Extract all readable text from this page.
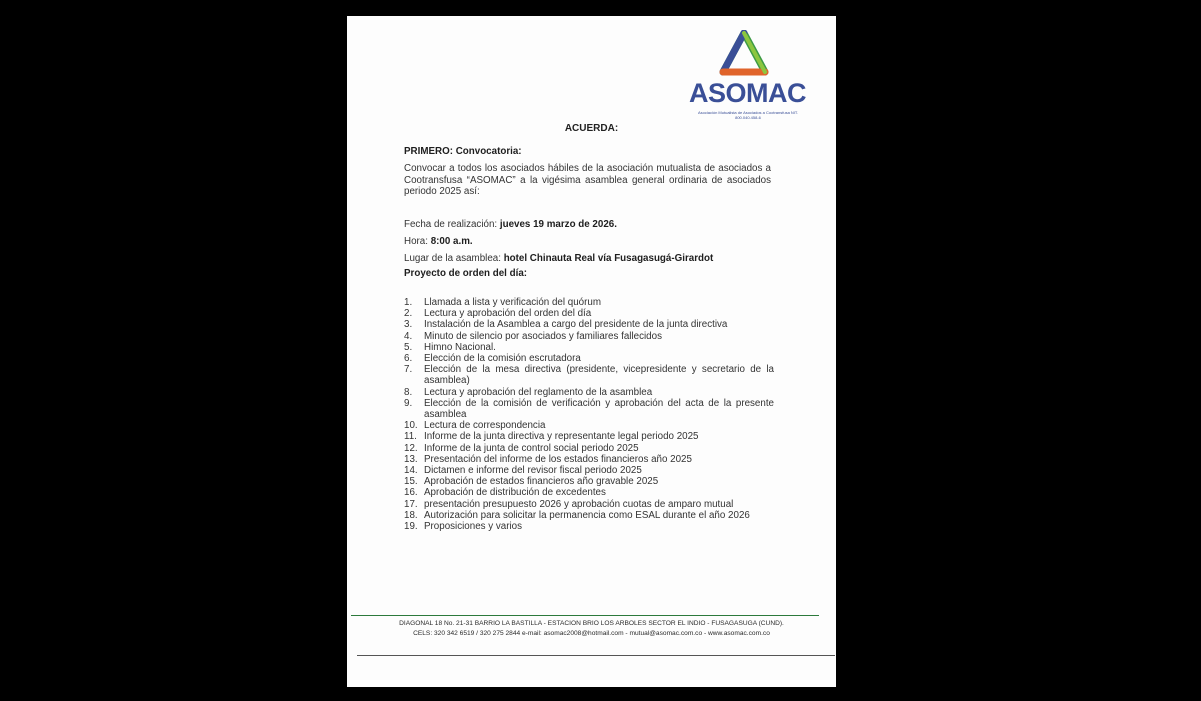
ASOMAC
Asociación Mutualista de Asociados a Cootransfusa NIT. 800.040.458-6
ACUERDA:

PRIMERO: Convocatoria:

Convocar a todos los asociados hábiles de la asociación mutualista de asociados a Cootransfusa “ASOMAC” a la vigésima asamblea general ordinaria de asociados periodo 2025 así:

Fecha de realización: jueves 19 marzo de 2026.

Hora: 8:00 a.m.

Lugar de la asamblea: hotel Chinauta Real vía Fusagasugá-Girardot

Proyecto de orden del día:

1.	Llamada a lista y verificación del quórum
2.	Lectura y aprobación del orden del día
3.	Instalación de la Asamblea a cargo del presidente de la junta directiva
4.	Minuto de silencio por asociados y familiares fallecidos
5.	Himno Nacional.
6.	Elección de la comisión escrutadora
7.	Elección de la mesa directiva (presidente, vicepresidente y secretario de la asamblea)
8.	Lectura y aprobación del reglamento de la asamblea
9.	Elección de la comisión de verificación y aprobación del acta de la presente asamblea
10. Lectura de correspondencia
11. Informe de la junta directiva y representante legal periodo 2025
12. Informe de la junta de control social periodo 2025
13. Presentación del informe de los estados financieros año 2025
14. Dictamen e informe del revisor fiscal periodo 2025
15. Aprobación de estados financieros año gravable 2025
16. Aprobación de distribución de excedentes
17. presentación presupuesto 2026 y aprobación cuotas de amparo mutual
18. Autorización para solicitar la permanencia como ESAL durante el año 2026
19. Proposiciones y varios
DIAGONAL 18 No. 21-31 BARRIO LA BASTILLA - ESTACION BRIO LOS ARBOLES SECTOR EL INDIO - FUSAGASUGA (CUND).
CELS: 320 342 6519 / 320 275 2844 e-mail: asomac2008@hotmail.com - mutual@asomac.com.co - www.asomac.com.co
